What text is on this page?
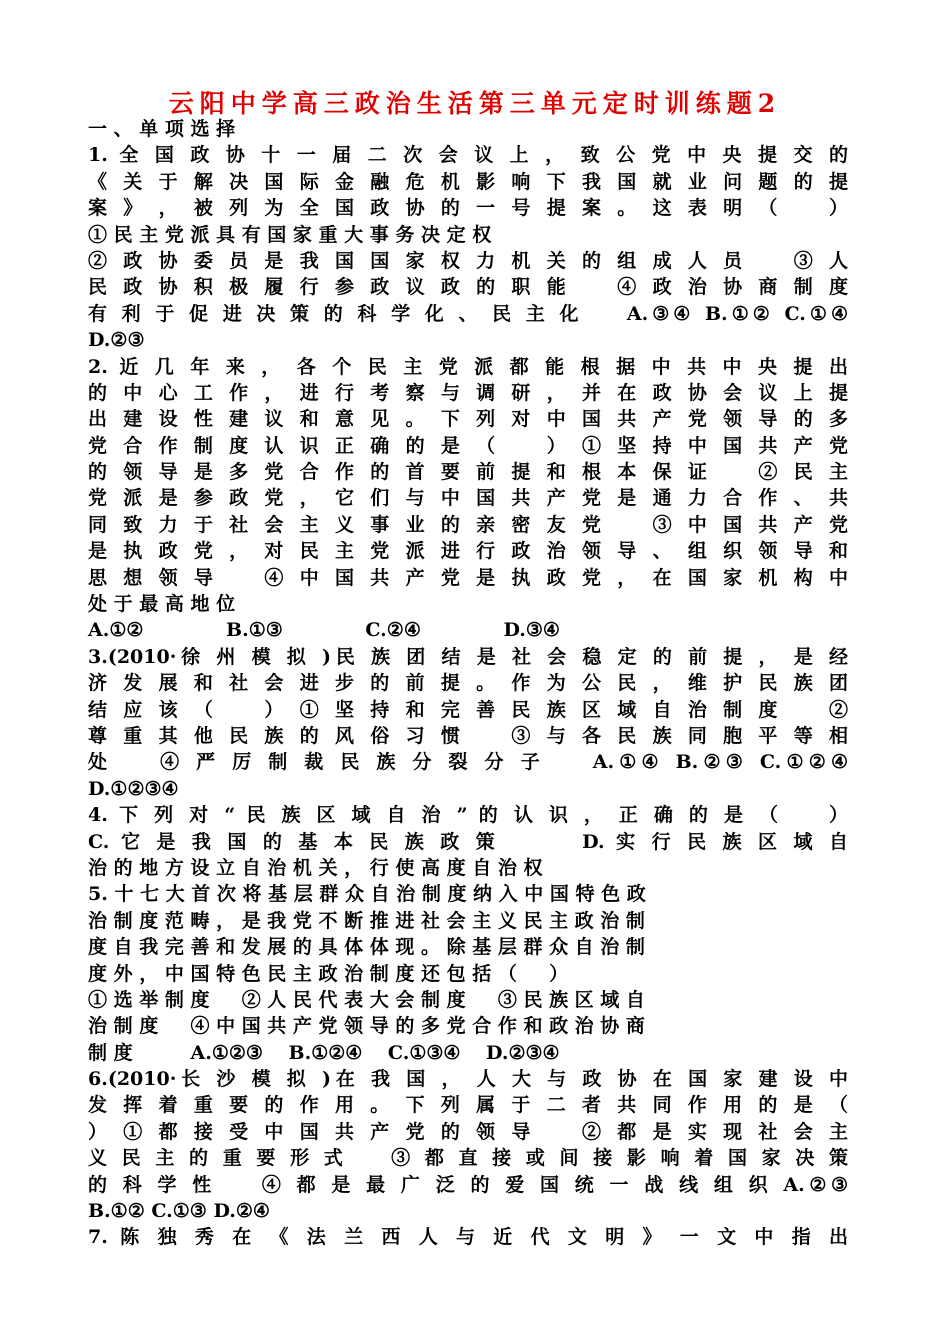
云阳中学高三政治生活第三单元定时训练题2
一 、 单 项 选 择
1. 全 国 政 协 十 一 届 二 次 会 议 上 ， 致 公 党 中 央 提 交 的
《 关 于 解 决 国 际 金 融 危 机 影 响 下 我 国 就 业 问 题 的 提
案 》 ， 被 列 为 全 国 政 协 的 一 号 提 案 。 这 表 明 （ 　 ）
① 民 主 党 派 具 有 国 家 重 大 事 务 决 定 权
② 政 协 委 员 是 我 国 国 家 权 力 机 关 的 组 成 人 员 　 ③ 人
民 政 协 积 极 履 行 参 政 议 政 的 职 能 　 ④ 政 治 协 商 制 度
有 利 于 促 进 决 策 的 科 学 化 、 民 主 化 　 A.③④ B.①② C.①④
D.②③
2. 近 几 年 来 ， 各 个 民 主 党 派 都 能 根 据 中 共 中 央 提 出
的 中 心 工 作 ， 进 行 考 察 与 调 研 ， 并 在 政 协 会 议 上 提
出 建 设 性 建 议 和 意 见 。 下 列 对 中 国 共 产 党 领 导 的 多
党 合 作 制 度 认 识 正 确 的 是 （ 　 ） ① 坚 持 中 国 共 产 党
的 领 导 是 多 党 合 作 的 首 要 前 提 和 根 本 保 证 　 ② 民 主
党 派 是 参 政 党 ， 它 们 与 中 国 共 产 党 是 通 力 合 作 、 共
同 致 力 于 社 会 主 义 事 业 的 亲 密 友 党 　 ③ 中 国 共 产 党
是 执 政 党 ， 对 民 主 党 派 进 行 政 治 领 导 、 组 织 领 导 和
思 想 领 导 　 ④ 中 国 共 产 党 是 执 政 党 ， 在 国 家 机 构 中
处 于 最 高 地 位
A.①②　　　　 B.①③　　　　 C.②④　　　　 D.③④
3.(2010·徐 州 模 拟 )民 族 团 结 是 社 会 稳 定 的 前 提 ， 是 经
济 发 展 和 社 会 进 步 的 前 提 。 作 为 公 民 ， 维 护 民 族 团
结 应 该 （ 　 ） ① 坚 持 和 完 善 民 族 区 域 自 治 制 度 　 ②
尊 重 其 他 民 族 的 风 俗 习 惯 　 ③ 与 各 民 族 同 胞 平 等 相
处 　 ④ 严 厉 制 裁 民 族 分 裂 分 子 　 A.①④ B.②③ C.①②④
D.①②③④
4. 下 列 对 “ 民 族 区 域 自 治 ” 的 认 识 ， 正 确 的 是 （ 　 ）
C. 它 是 我 国 的 基 本 民 族 政 策 　 　 D. 实 行 民 族 区 域 自
治 的 地 方 设 立 自 治 机 关 ， 行 使 高 度 自 治 权
5. 十 七 大 首 次 将 基 层 群 众 自 治 制 度 纳 入 中 国 特 色 政
治 制 度 范 畴 ， 是 我 党 不 断 推 进 社 会 主 义 民 主 政 治 制
度 自 我 完 善 和 发 展 的 具 体 体 现 。 除 基 层 群 众 自 治 制
度 外 ， 中 国 特 色 民 主 政 治 制 度 还 包 括 （ 　 ）
① 选 举 制 度 　 ② 人 民 代 表 大 会 制 度 　 ③ 民 族 区 域 自
治 制 度 　 ④ 中 国 共 产 党 领 导 的 多 党 合 作 和 政 治 协 商
制 度 　 　 A.①②③　 B.①②④　 C.①③④　 D.②③④
6.(2010·长 沙 模 拟 )在 我 国 ， 人 大 与 政 协 在 国 家 建 设 中
发 挥 着 重 要 的 作 用 。 下 列 属 于 二 者 共 同 作 用 的 是 （
） ① 都 接 受 中 国 共 产 党 的 领 导 　 ② 都 是 实 现 社 会 主
义 民 主 的 重 要 形 式 　 ③ 都 直 接 或 间 接 影 响 着 国 家 决 策
的 科 学 性 　 ④ 都 是 最 广 泛 的 爱 国 统 一 战 线 组 织 A.②③
B.①② C.①③ D.②④
7. 陈 独 秀 在 《 法 兰 西 人 与 近 代 文 明 》 一 文 中 指 出
